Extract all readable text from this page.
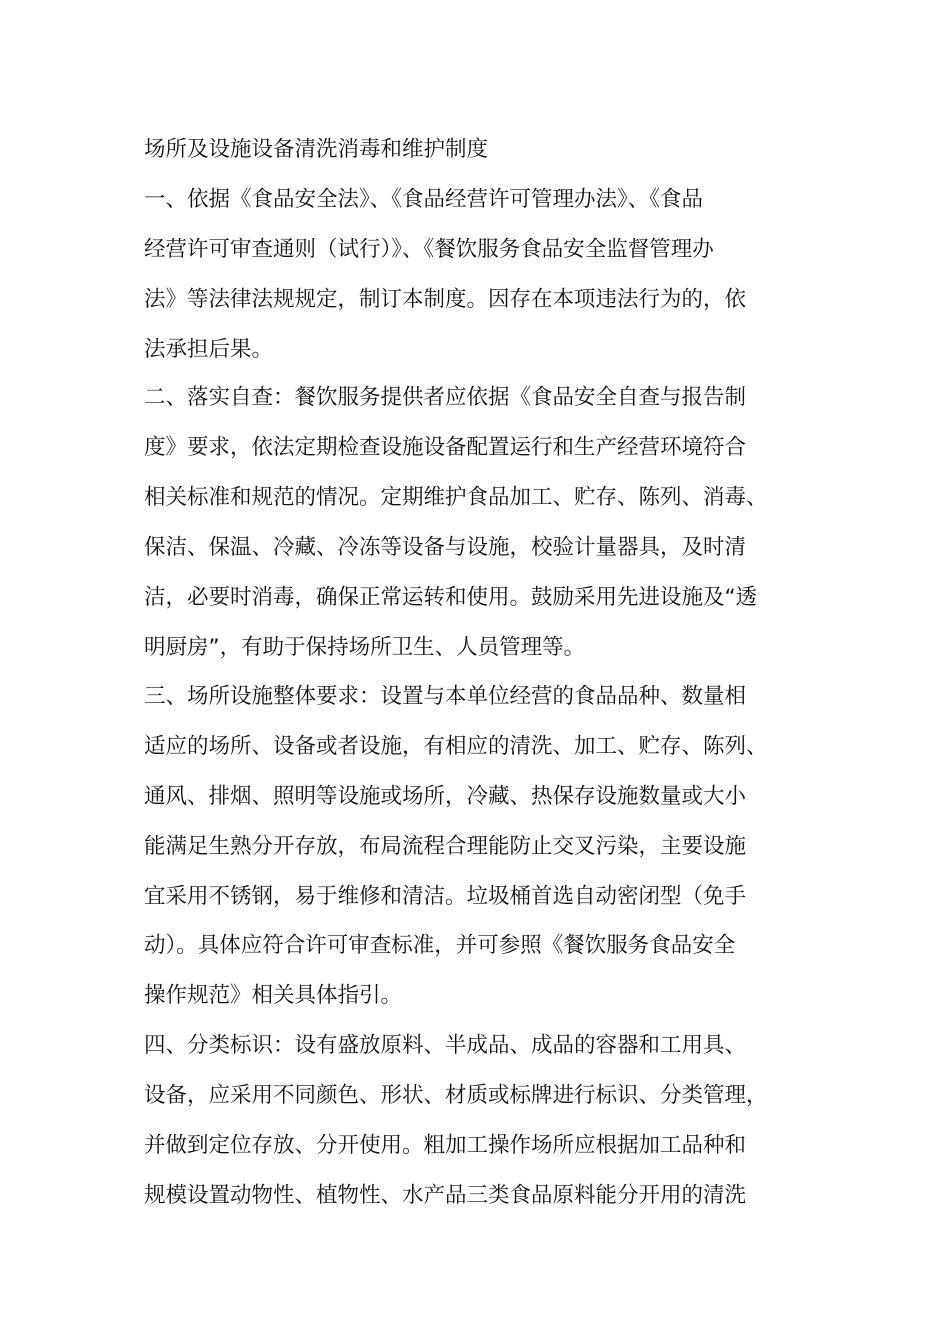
场所及设施设备清洗消毒和维护制度
一、依据《食品安全法》、《食品经营许可管理办法》、《食品
经营许可审查通则（试行）》、《餐饮服务食品安全监督管理办
法》等法律法规规定，制订本制度。因存在本项违法行为的，依
法承担后果。
二、落实自查：餐饮服务提供者应依据《食品安全自查与报告制
度》要求，依法定期检查设施设备配置运行和生产经营环境符合
相关标准和规范的情况。定期维护食品加工、贮存、陈列、消毒、
保洁、保温、冷藏、冷冻等设备与设施，校验计量器具，及时清
洁，必要时消毒，确保正常运转和使用。鼓励采用先进设施及“透
明厨房”，有助于保持场所卫生、人员管理等。
三、场所设施整体要求：设置与本单位经营的食品品种、数量相
适应的场所、设备或者设施，有相应的清洗、加工、贮存、陈列、
通风、排烟、照明等设施或场所，冷藏、热保存设施数量或大小
能满足生熟分开存放，布局流程合理能防止交叉污染，主要设施
宜采用不锈钢，易于维修和清洁。垃圾桶首选自动密闭型（免手
动）。具体应符合许可审查标准，并可参照《餐饮服务食品安全
操作规范》相关具体指引。
四、分类标识：设有盛放原料、半成品、成品的容器和工用具、
设备，应采用不同颜色、形状、材质或标牌进行标识、分类管理，
并做到定位存放、分开使用。粗加工操作场所应根据加工品种和
规模设置动物性、植物性、水产品三类食品原料能分开用的清洗
